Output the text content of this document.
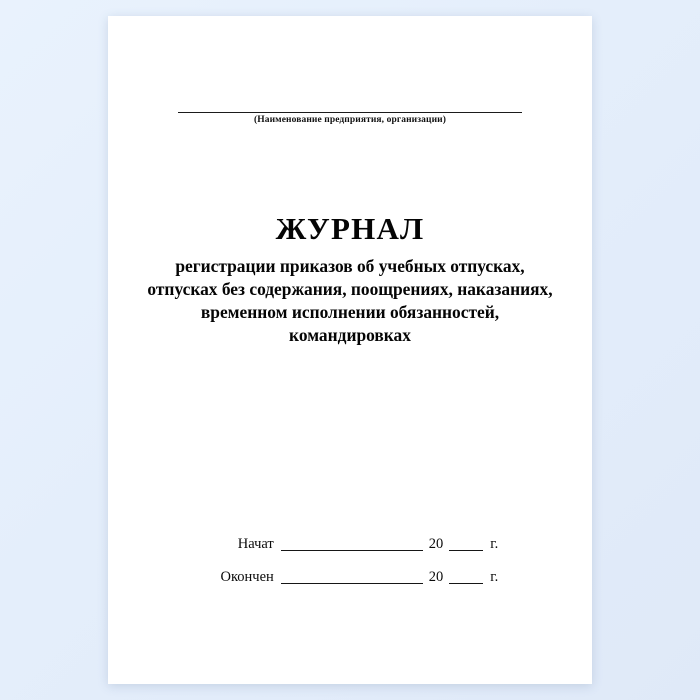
(Наименование предприятия, организации)
ЖУРНАЛ
регистрации приказов об учебных отпусках, отпусках без содержания, поощрениях, наказаниях, временном исполнении обязанностей, командировках
Начат	20	г.
Окончен	20	г.
